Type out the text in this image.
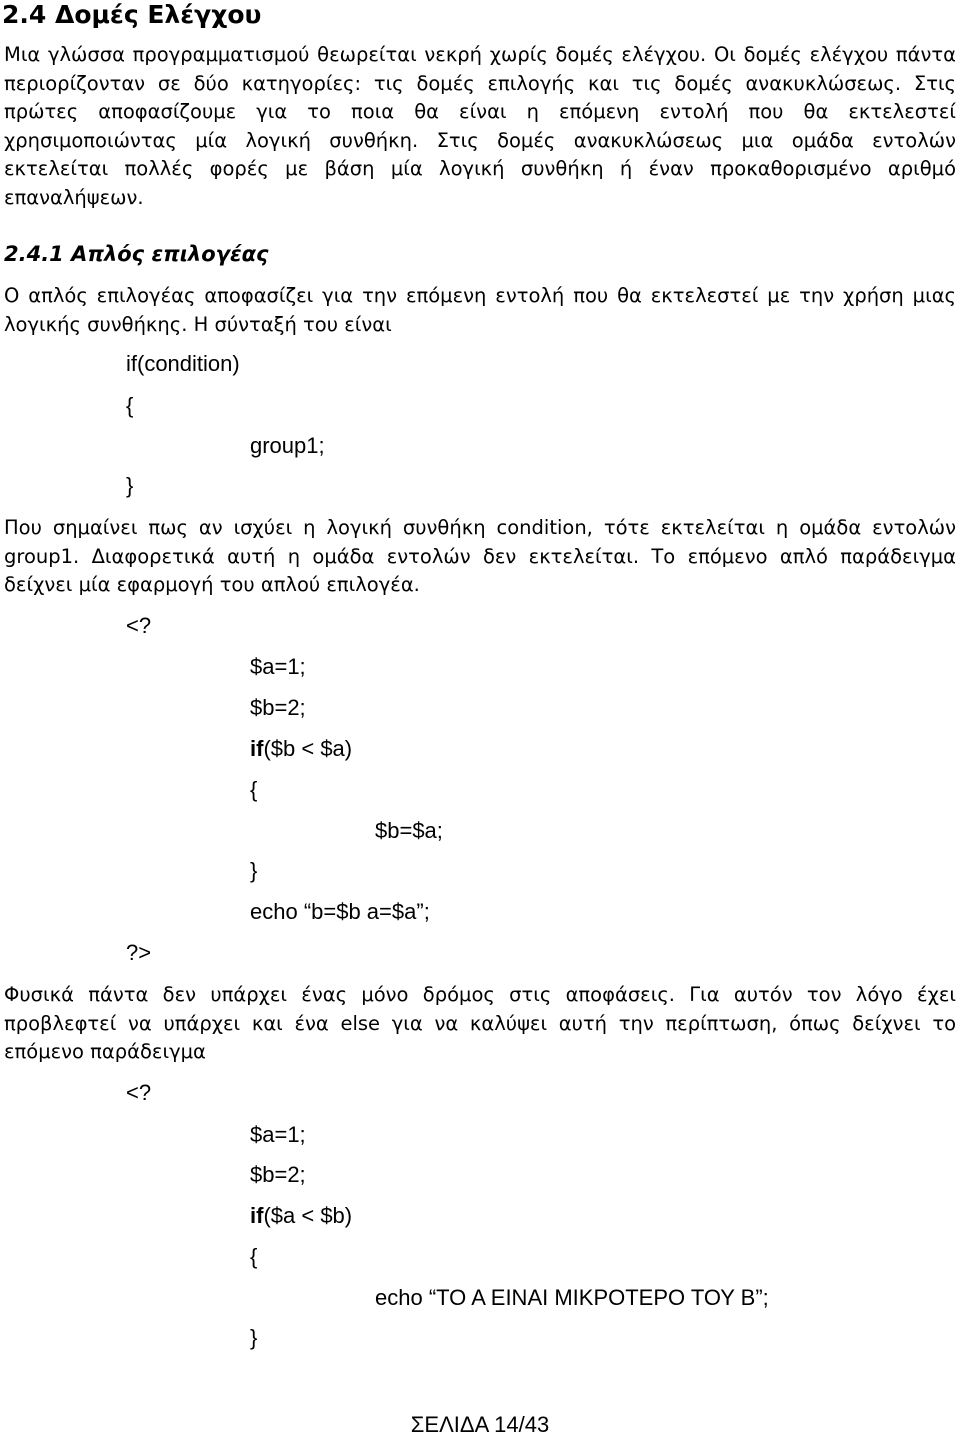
2.4 Δομές Ελέγχου

Μια γλώσσα προγραμματισμού θεωρείται νεκρή χωρίς δομές ελέγχου. Οι δομές ελέγχου πάντα περιορίζονταν σε δύο κατηγορίες: τις δομές επιλογής και τις δομές ανακυκλώσεως. Στις πρώτες αποφασίζουμε για το ποια θα είναι η επόμενη εντολή που θα εκτελεστεί χρησιμοποιώντας μία λογική συνθήκη. Στις δομές ανακυκλώσεως μια ομάδα εντολών εκτελείται πολλές φορές με βάση μία λογική συνθήκη ή έναν προκαθορισμένο αριθμό επαναλήψεων.

2.4.1 Απλός επιλογέας

Ο απλός επιλογέας αποφασίζει για την επόμενη εντολή που θα εκτελεστεί με την χρήση μιας λογικής συνθήκης. Η σύνταξή του είναι

if(condition)
{
group1;
}

Που σημαίνει πως αν ισχύει η λογική συνθήκη condition, τότε εκτελείται η ομάδα εντολών group1. Διαφορετικά αυτή η ομάδα εντολών δεν εκτελείται. Το επόμενο απλό παράδειγμα δείχνει μία εφαρμογή του απλού επιλογέα.

<?
$a=1;
$b=2;
if($b < $a)
{
$b=$a;
}
echo “b=$b a=$a”;
?>

Φυσικά πάντα δεν υπάρχει ένας μόνο δρόμος στις αποφάσεις. Για αυτόν τον λόγο έχει προβλεφτεί να υπάρχει και ένα else για να καλύψει αυτή την περίπτωση, όπως δείχνει το επόμενο παράδειγμα

<?
$a=1;
$b=2;
if($a < $b)
{
echo “ΤΟ Α ΕΙΝΑΙ ΜΙΚΡΟΤΕΡΟ ΤΟΥ Β”;
}
ΣΕΛΙΔΑ 14/43
